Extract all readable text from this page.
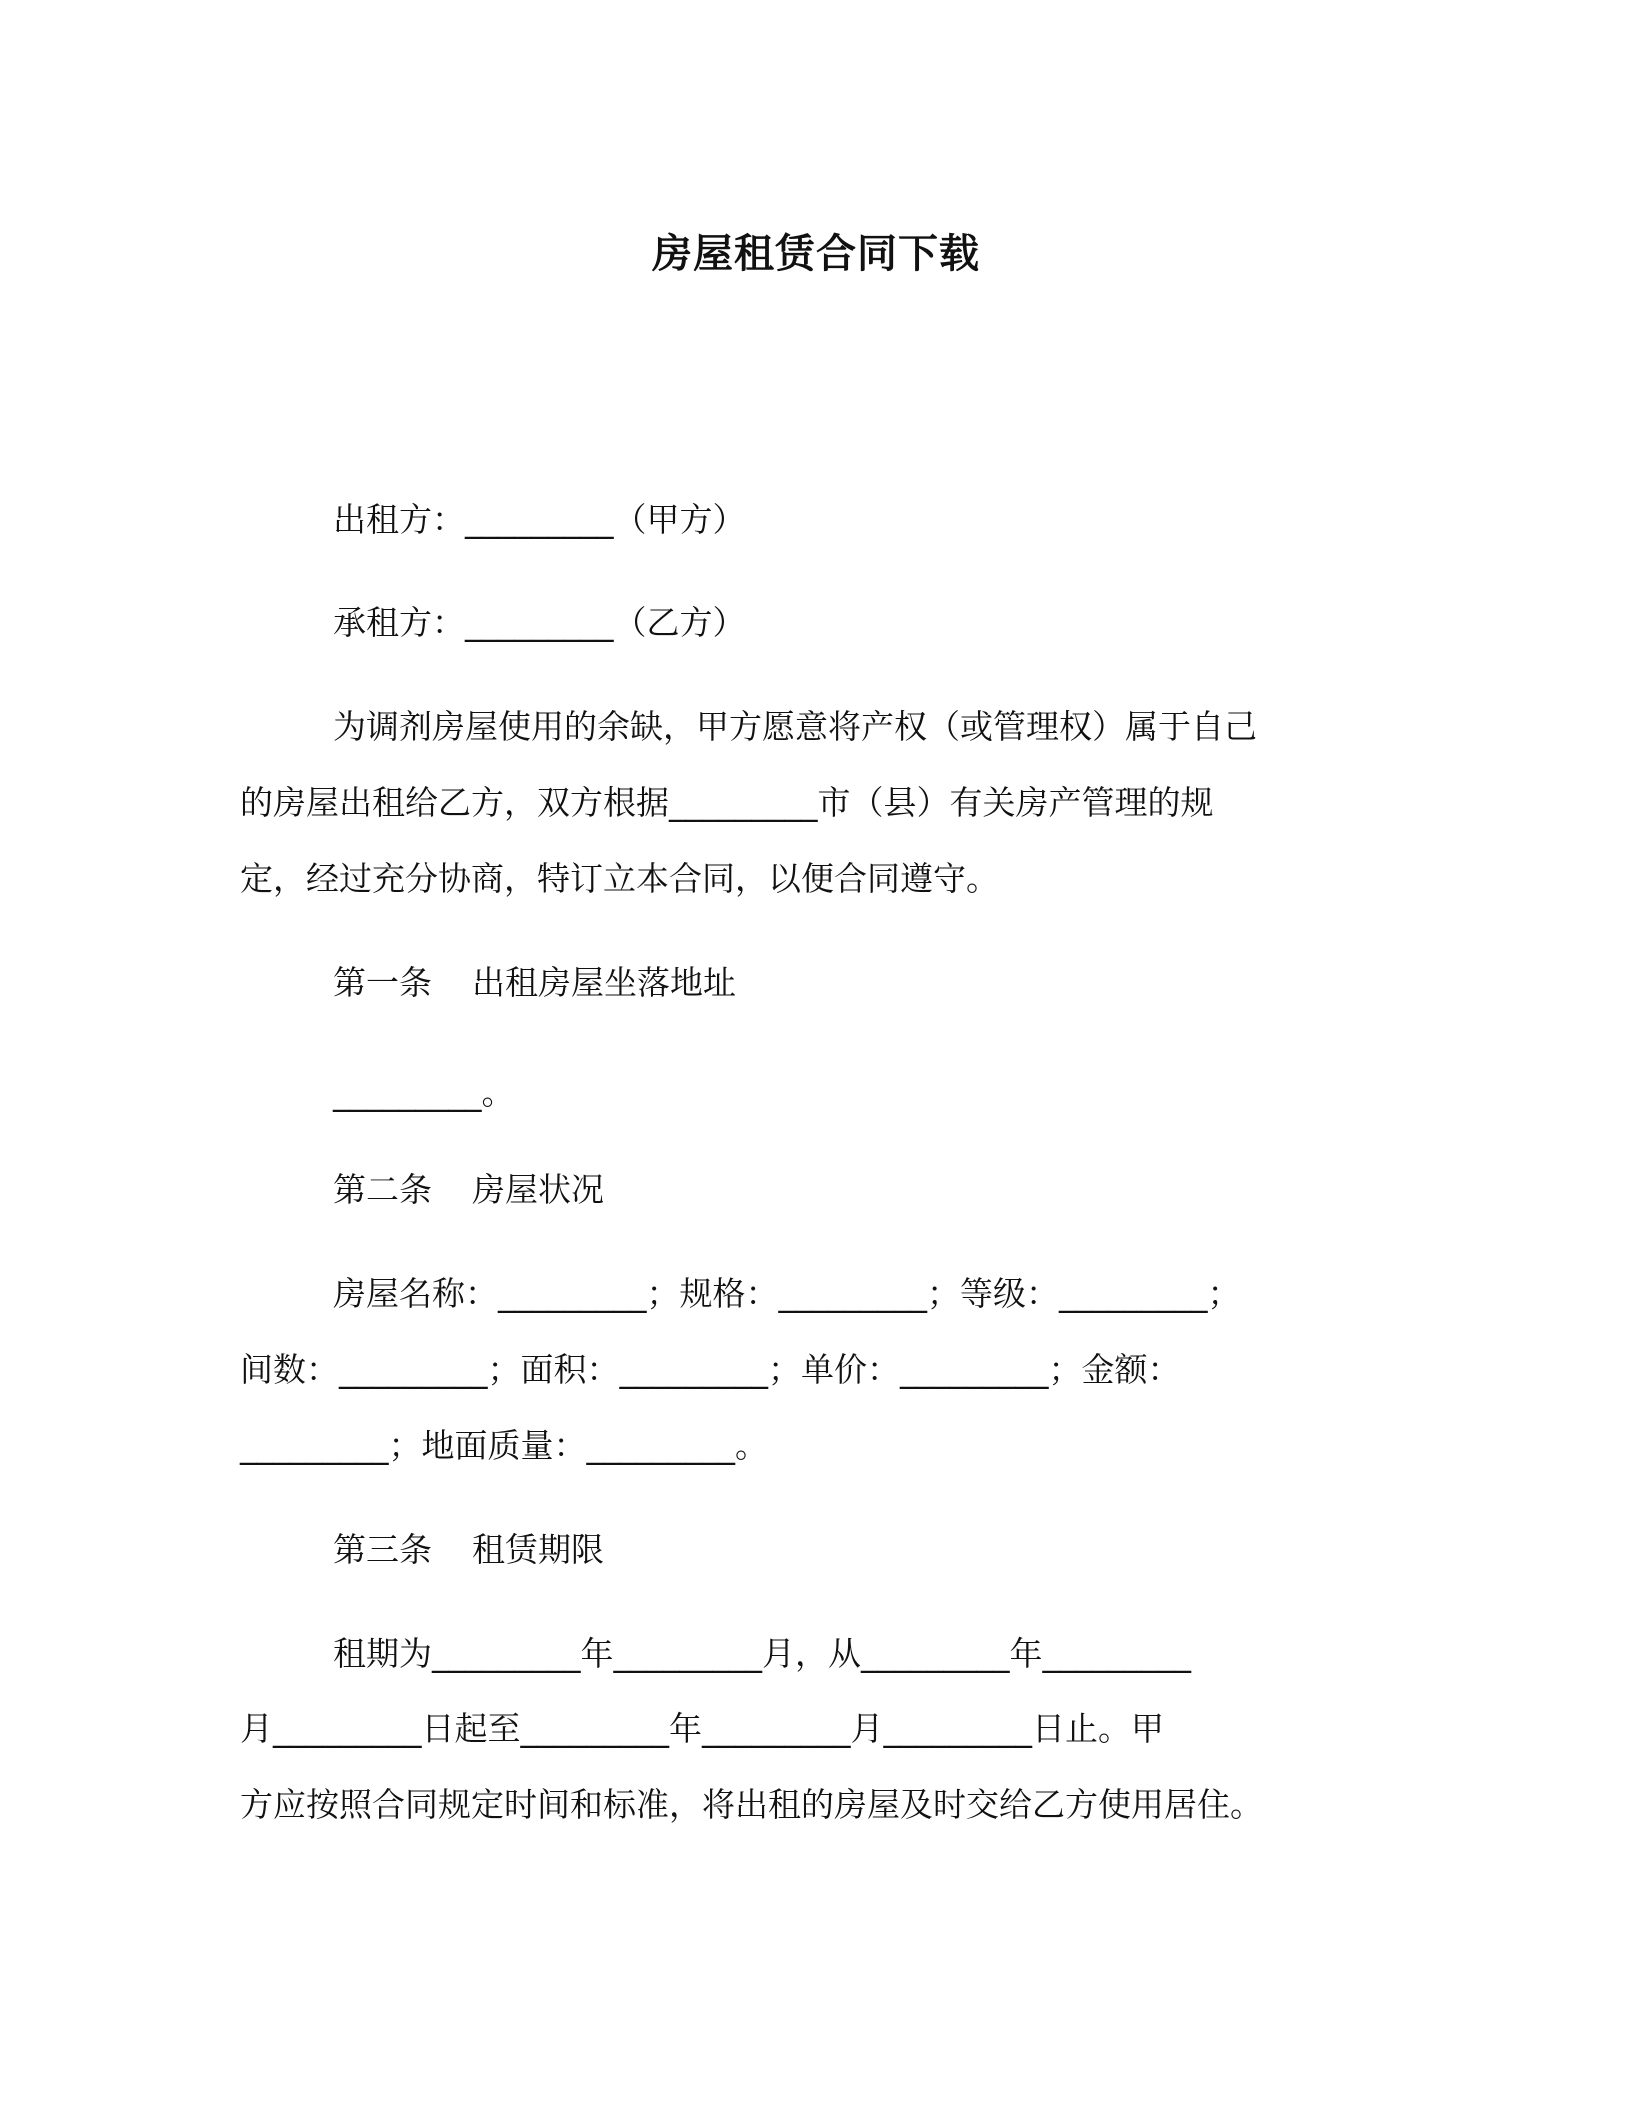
房屋租赁合同下载
出租方：_________（甲方）
承租方：_________（乙方）
为调剂房屋使用的余缺，甲方愿意将产权（或管理权）属于自己
的房屋出租给乙方，双方根据_________市（县）有关房产管理的规
定，经过充分协商，特订立本合同，以便合同遵守。
第一条 出租房屋坐落地址
_________。
第二条 房屋状况
房屋名称：_________；规格：_________；等级：_________；
间数：_________；面积：_________；单价：_________；金额：
_________；地面质量：_________。
第三条 租赁期限
租期为_________年_________月，从_________年_________
月_________日起至_________年_________月_________日止。甲
方应按照合同规定时间和标准，将出租的房屋及时交给乙方使用居住。
